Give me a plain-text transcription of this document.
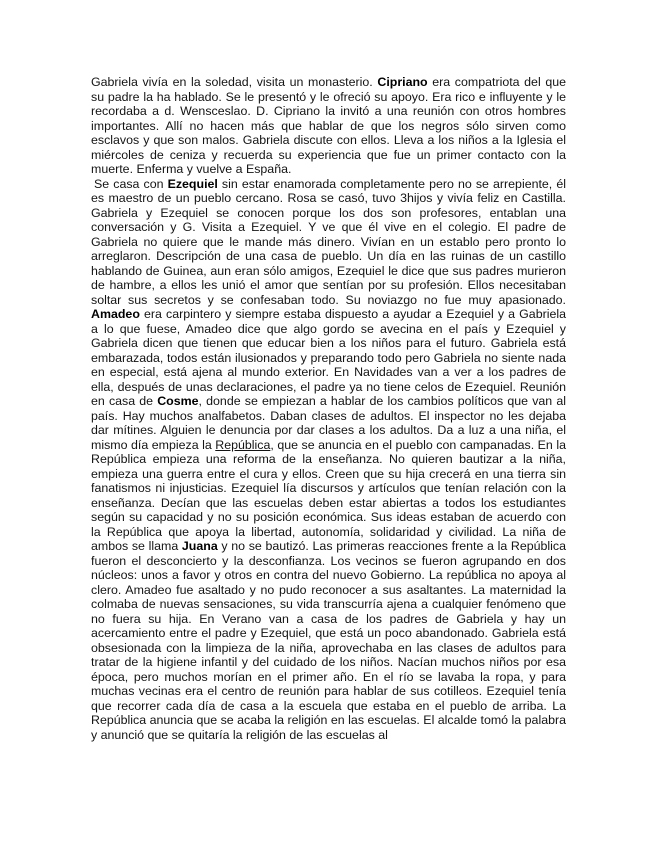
Gabriela vivía en la soledad, visita un monasterio. Cipriano era compatriota del que su padre la ha hablado. Se le presentó y le ofreció su apoyo. Era rico e influyente y le recordaba a d. Wensceslao. D. Cipriano la invitó a una reunión con otros hombres importantes. Allí no hacen más que hablar de que los negros sólo sirven como esclavos y que son malos. Gabriela discute con ellos. Lleva a los niños a la Iglesia el miércoles de ceniza y recuerda su experiencia que fue un primer contacto con la muerte. Enferma y vuelve a España.

Se casa con Ezequiel sin estar enamorada completamente pero no se arrepiente, él es maestro de un pueblo cercano. Rosa se casó, tuvo 3hijos y vivía feliz en Castilla. Gabriela y Ezequiel se conocen porque los dos son profesores, entablan una conversación y G. Visita a Ezequiel. Y ve que él vive en el colegio. El padre de Gabriela no quiere que le mande más dinero. Vivían en un establo pero pronto lo arreglaron. Descripción de una casa de pueblo. Un día en las ruinas de un castillo hablando de Guinea, aun eran sólo amigos, Ezequiel le dice que sus padres murieron de hambre, a ellos les unió el amor que sentían por su profesión. Ellos necesitaban soltar sus secretos y se confesaban todo. Su noviazgo no fue muy apasionado. Amadeo era carpintero y siempre estaba dispuesto a ayudar a Ezequiel y a Gabriela a lo que fuese, Amadeo dice que algo gordo se avecina en el país y Ezequiel y Gabriela dicen que tienen que educar bien a los niños para el futuro. Gabriela está embarazada, todos están ilusionados y preparando todo pero Gabriela no siente nada en especial, está ajena al mundo exterior. En Navidades van a ver a los padres de ella, después de unas declaraciones, el padre ya no tiene celos de Ezequiel. Reunión en casa de Cosme, donde se empiezan a hablar de los cambios políticos que van al país. Hay muchos analfabetos. Daban clases de adultos. El inspector no les dejaba dar mítines. Alguien le denuncia por dar clases a los adultos. Da a luz a una niña, el mismo día empieza la República, que se anuncia en el pueblo con campanadas. En la República empieza una reforma de la enseñanza. No quieren bautizar a la niña, empieza una guerra entre el cura y ellos. Creen que su hija crecerá en una tierra sin fanatismos ni injusticias. Ezequiel lía discursos y artículos que tenían relación con la enseñanza. Decían que las escuelas deben estar abiertas a todos los estudiantes según su capacidad y no su posición económica. Sus ideas estaban de acuerdo con la República que apoya la libertad, autonomía, solidaridad y civilidad. La niña de ambos se llama Juana y no se bautizó. Las primeras reacciones frente a la República fueron el desconcierto y la desconfianza. Los vecinos se fueron agrupando en dos núcleos: unos a favor y otros en contra del nuevo Gobierno. La república no apoya al clero. Amadeo fue asaltado y no pudo reconocer a sus asaltantes. La maternidad la colmaba de nuevas sensaciones, su vida transcurría ajena a cualquier fenómeno que no fuera su hija. En Verano van a casa de los padres de Gabriela y hay un acercamiento entre el padre y Ezequiel, que está un poco abandonado. Gabriela está obsesionada con la limpieza de la niña, aprovechaba en las clases de adultos para tratar de la higiene infantil y del cuidado de los niños. Nacían muchos niños por esa época, pero muchos morían en el primer año. En el río se lavaba la ropa, y para muchas vecinas era el centro de reunión para hablar de sus cotilleos. Ezequiel tenía que recorrer cada día de casa a la escuela que estaba en el pueblo de arriba. La República anuncia que se acaba la religión en las escuelas. El alcalde tomó la palabra y anunció que se quitaría la religión de las escuelas al
